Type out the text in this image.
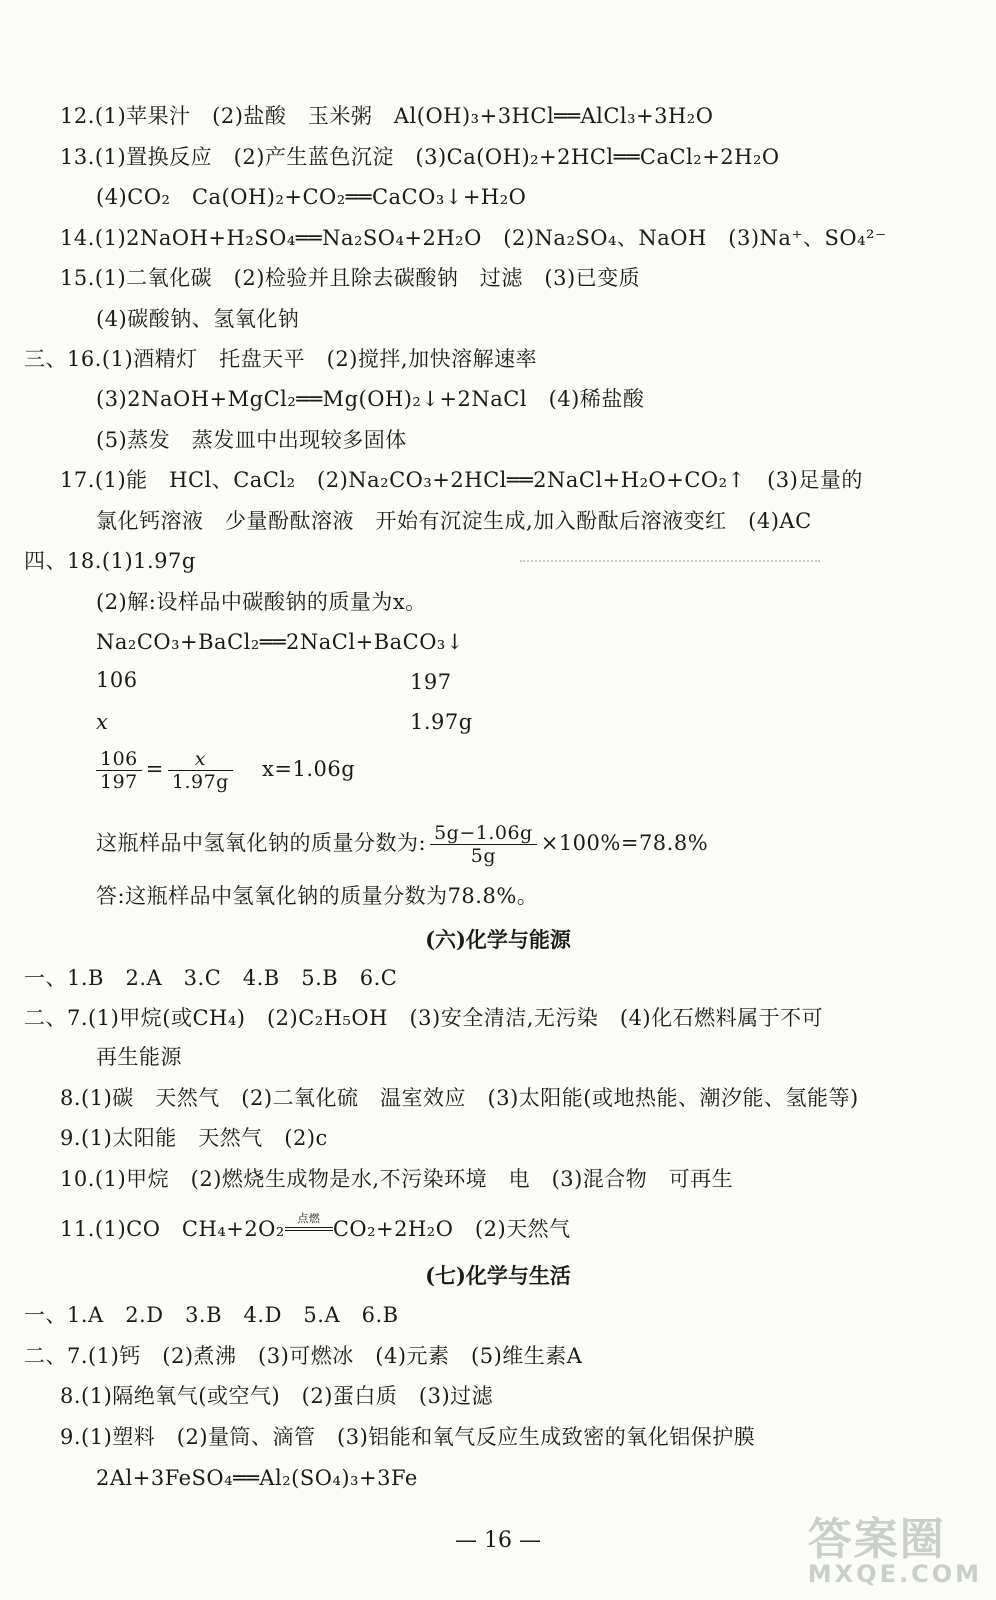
12.(1)苹果汁　(2)盐酸　玉米粥　Al(OH)₃+3HCl══AlCl₃+3H₂O
13.(1)置换反应　(2)产生蓝色沉淀　(3)Ca(OH)₂+2HCl══CaCl₂+2H₂O
(4)CO₂　Ca(OH)₂+CO₂══CaCO₃↓+H₂O
14.(1)2NaOH+H₂SO₄══Na₂SO₄+2H₂O　(2)Na₂SO₄、NaOH　(3)Na⁺、SO₄²⁻
15.(1)二氧化碳　(2)检验并且除去碳酸钠　过滤　(3)已变质
(4)碳酸钠、氢氧化钠
三、16.(1)酒精灯　托盘天平　(2)搅拌,加快溶解速率
(3)2NaOH+MgCl₂══Mg(OH)₂↓+2NaCl　(4)稀盐酸
(5)蒸发　蒸发皿中出现较多固体
17.(1)能　HCl、CaCl₂　(2)Na₂CO₃+2HCl══2NaCl+H₂O+CO₂↑　(3)足量的
氯化钙溶液　少量酚酞溶液　开始有沉淀生成,加入酚酞后溶液变红　(4)AC
四、18.(1)1.97g
(2)解:设样品中碳酸钠的质量为x。
Na₂CO₃+BaCl₂══2NaCl+BaCO₃↓
106	197
x	1.97g
$\frac{106}{197} = \frac{x}{1.97g} x=1.06g$
这瓶样品中氢氧化钠的质量分数为: $\frac{5g-1.06g}{5g} \times 100\%=78.8\%$
答:这瓶样品中氢氧化钠的质量分数为78.8%。
(六)化学与能源
一、1.B　2.A　3.C　4.B　5.B　6.C
二、7.(1)甲烷(或CH₄)　(2)C₂H₅OH　(3)安全清洁,无污染　(4)化石燃料属于不可
再生能源
8.(1)碳　天然气　(2)二氧化硫　温室效应　(3)太阳能(或地热能、潮汐能、氢能等)
9.(1)太阳能　天然气　(2)c
10.(1)甲烷　(2)燃烧生成物是水,不污染环境　电　(3)混合物　可再生
11.(1)CO　CH₄+2O₂	点燃 CO₂+2H₂O　(2)天然气
(七)化学与生活
一、1.A　2.D　3.B　4.D　5.A　6.B
二、7.(1)钙　(2)煮沸　(3)可燃冰　(4)元素　(5)维生素A
8.(1)隔绝氧气(或空气)　(2)蛋白质　(3)过滤
9.(1)塑料　(2)量筒、滴管　(3)铝能和氧气反应生成致密的氧化铝保护膜
2Al+3FeSO₄══Al₂(SO₄)₃+3Fe
— 16 —	答案圈
MXQE.COM
